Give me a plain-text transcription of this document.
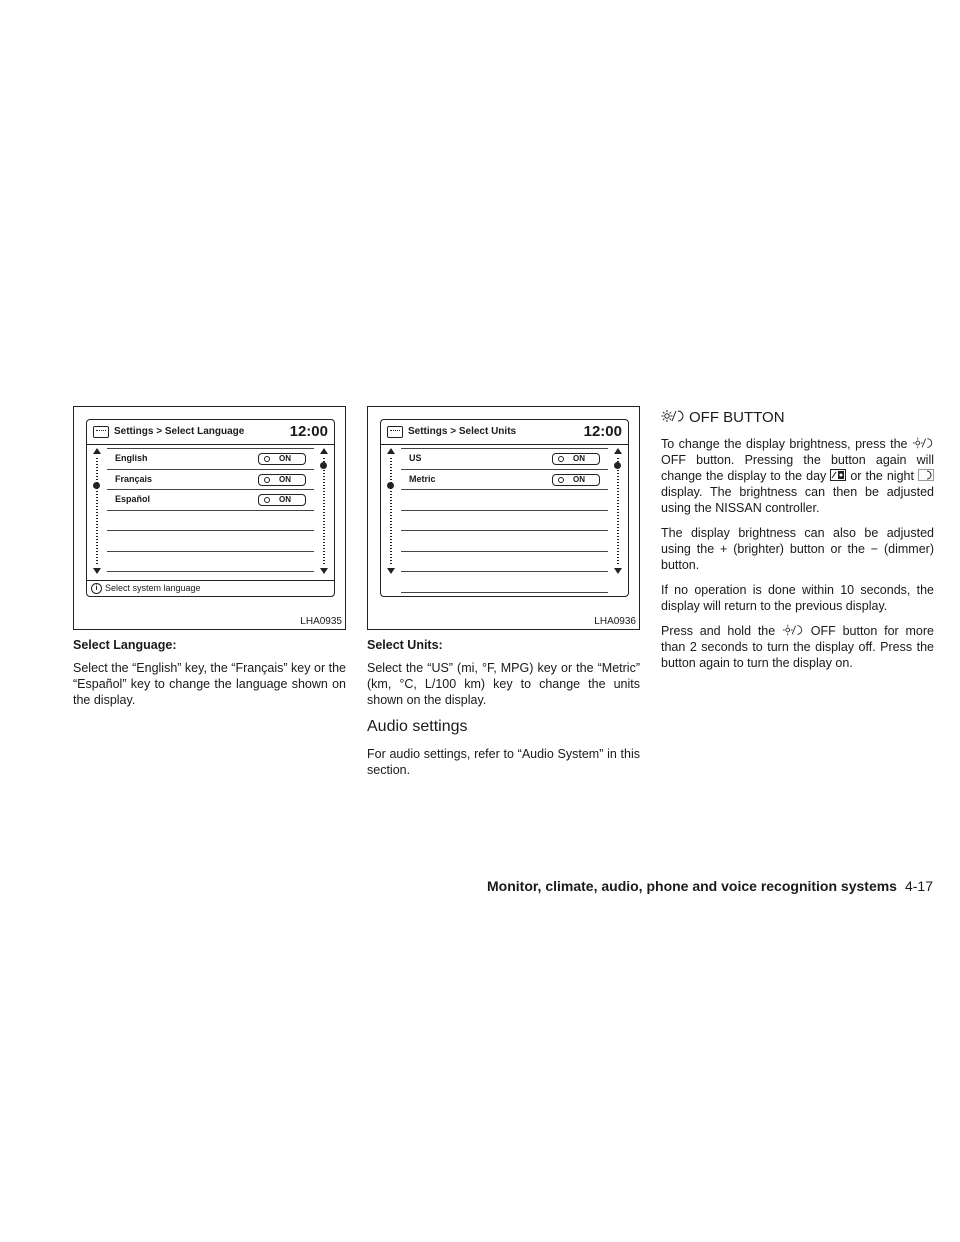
Settings > Select Language	12:00
English	ON
Français	ON
Español	ON
i Select system language
LHA0935
Select Language:

Select the “English” key, the “Français” key or the “Español” key to change the language shown on the display.

Settings > Select Units	12:00
US	ON
Metric	ON
LHA0936
Select Units:

Select the “US” (mi, °F, MPG) key or the “Metric” (km, °C, L/100 km) key to change the units shown on the display.

Audio settings

For audio settings, refer to “Audio System” in this section.

OFF BUTTON

To change the display brightness, press the
OFF button. Pressing the button again will change the display to the day or the night  display. The brightness can then be adjusted using the NISSAN controller.

The display brightness can also be adjusted using the + (brighter) button or the − (dimmer) button.

If no operation is done within 10 seconds, the display will return to the previous display.

Press and hold the	OFF button for more than 2 seconds to turn the display off. Press the button again to turn the display on.

Monitor, climate, audio, phone and voice recognition systems 4-17
